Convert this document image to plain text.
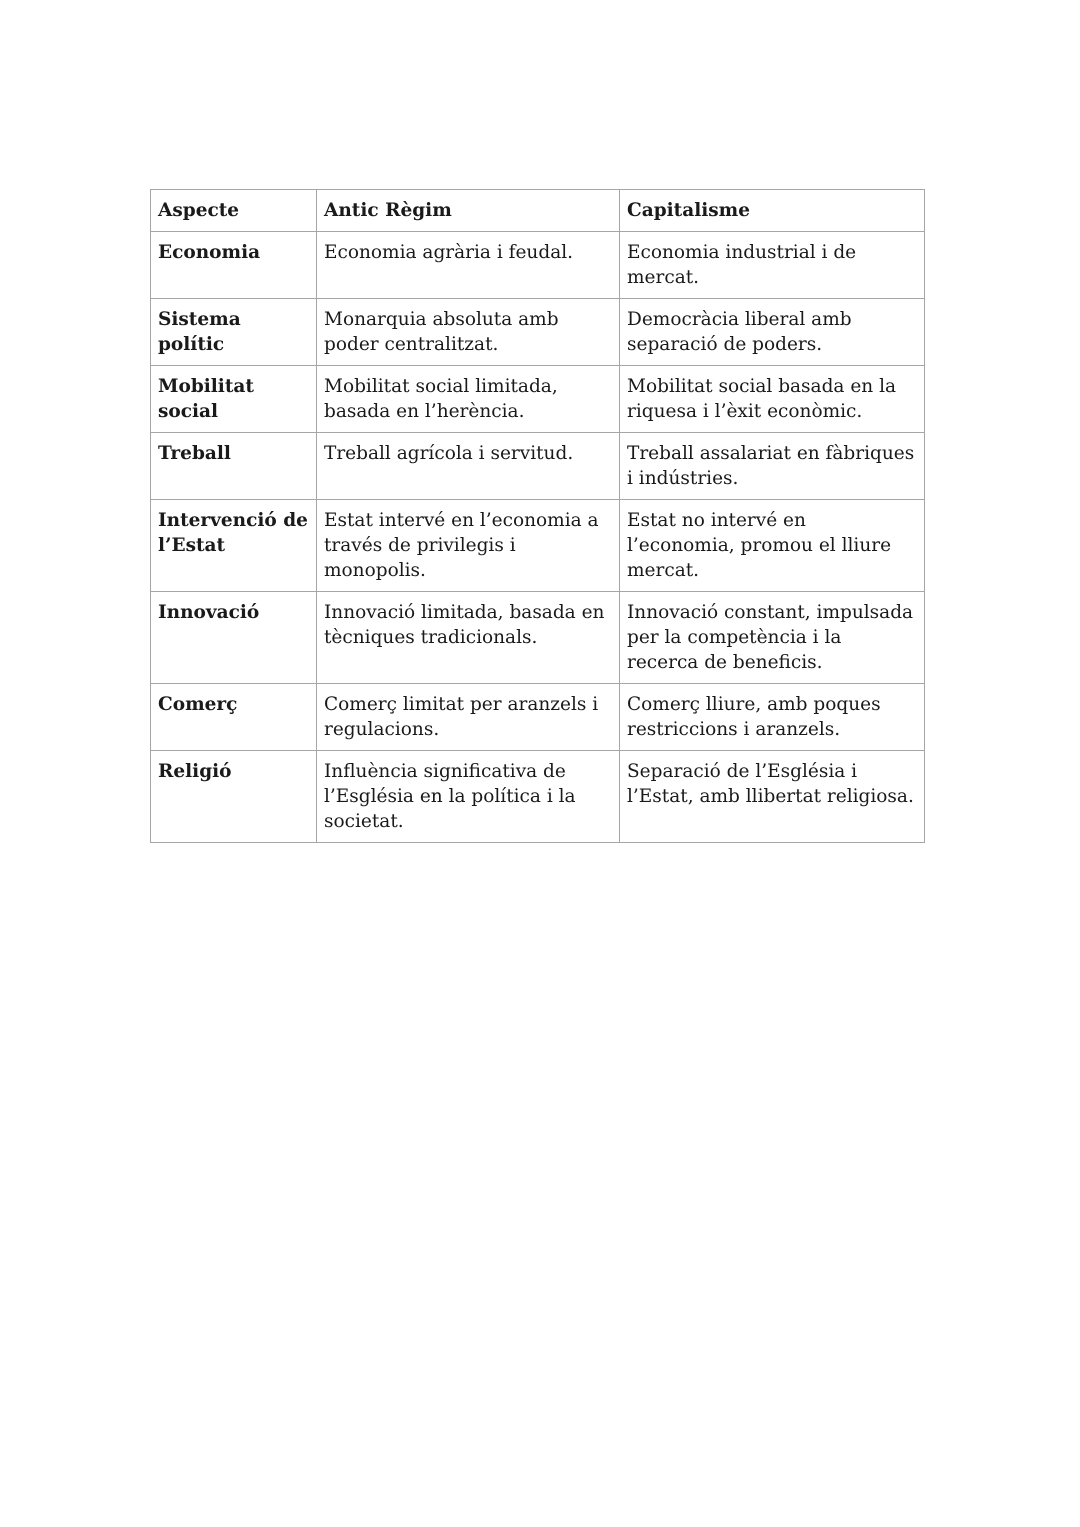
Aspecte	Antic Règim	Capitalisme
Economia	Economia agrària i feudal.	Economia industrial i de mercat.
Sistema polític	Monarquia absoluta amb poder centralitzat.	Democràcia liberal amb separació de poders.
Mobilitat social	Mobilitat social limitada, basada en l’herència.	Mobilitat social basada en la riquesa i l’èxit econòmic.
Treball	Treball agrícola i servitud.	Treball assalariat en fàbriques i indústries.
Intervenció de l’Estat	Estat intervé en l’economia a través de privilegis i monopolis.	Estat no intervé en l’economia, promou el lliure mercat.
Innovació	Innovació limitada, basada en tècniques tradicionals.	Innovació constant, impulsada per la competència i la recerca de beneficis.
Comerç	Comerç limitat per aranzels i regulacions.	Comerç lliure, amb poques restriccions i aranzels.
Religió	Influència significativa de l’Església en la política i la societat.	Separació de l’Església i l’Estat, amb llibertat religiosa.
